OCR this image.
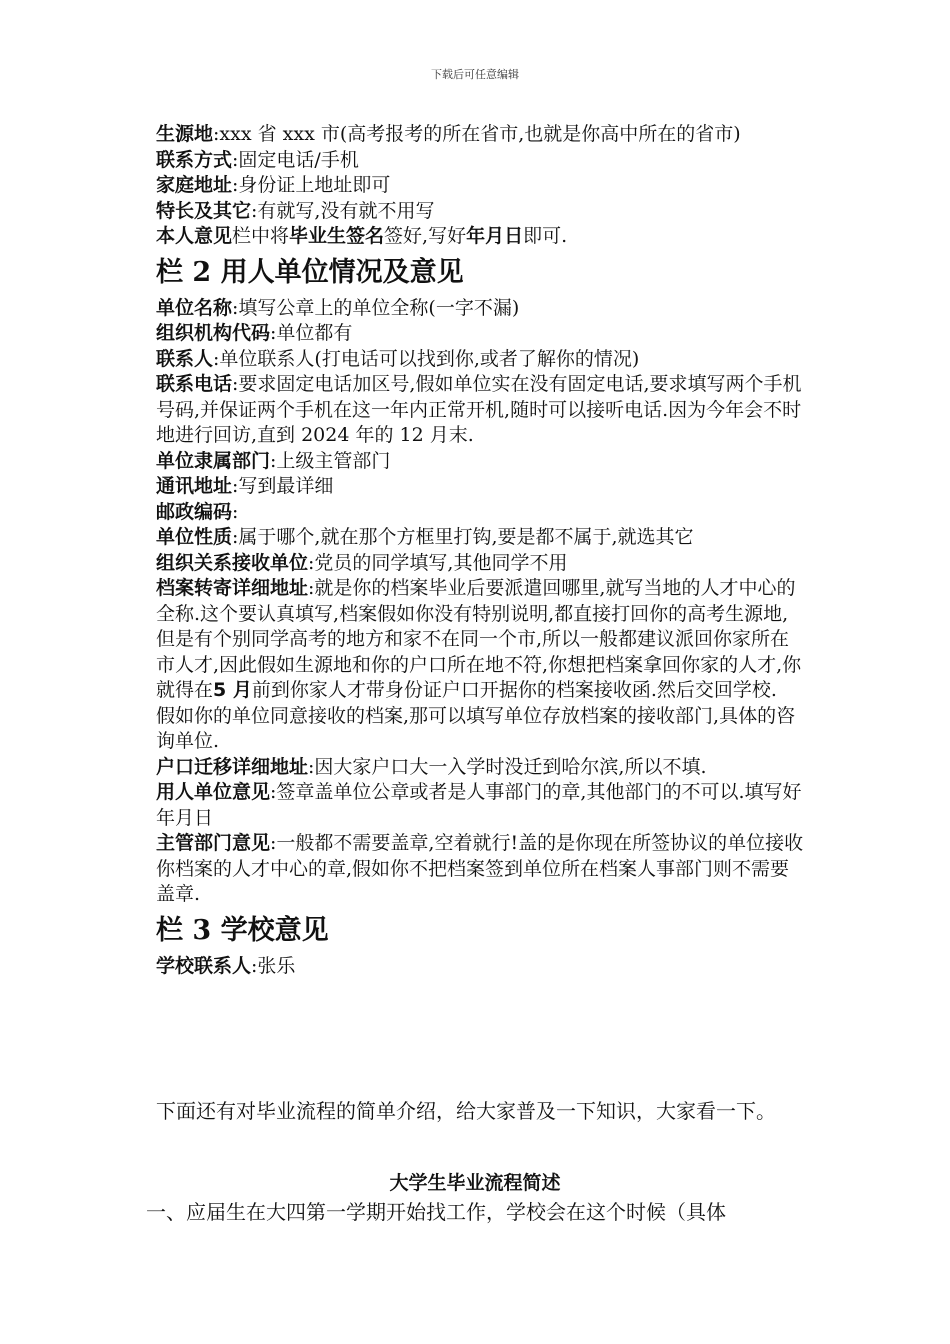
下载后可任意编辑

生源地:xxx 省 xxx 市(高考报考的所在省市,也就是你高中所在的省市)

联系方式:固定电话/手机

家庭地址:身份证上地址即可

特长及其它:有就写,没有就不用写

本人意见栏中将毕业生签名签好,写好年月日即可.

栏 2 用人单位情况及意见

单位名称:填写公章上的单位全称(一字不漏)

组织机构代码:单位都有

联系人:单位联系人(打电话可以找到你,或者了解你的情况)

联系电话:要求固定电话加区号,假如单位实在没有固定电话,要求填写两个手机号码,并保证两个手机在这一年内正常开机,随时可以接听电话.因为今年会不时地进行回访,直到 2024 年的 12 月末.

单位隶属部门:上级主管部门

通讯地址:写到最详细

邮政编码:

单位性质:属于哪个,就在那个方框里打钩,要是都不属于,就选其它

组织关系接收单位:党员的同学填写,其他同学不用

档案转寄详细地址:就是你的档案毕业后要派遣回哪里,就写当地的人才中心的全称.这个要认真填写,档案假如你没有特别说明,都直接打回你的高考生源地, 但是有个别同学高考的地方和家不在同一个市,所以一般都建议派回你家所在市人才,因此假如生源地和你的户口所在地不符,你想把档案拿回你家的人才,你就得在5 月前到你家人才带身份证户口开据你的档案接收函.然后交回学校.

假如你的单位同意接收的档案,那可以填写单位存放档案的接收部门,具体的咨询单位.

户口迁移详细地址:因大家户口大一入学时没迁到哈尔滨,所以不填.

用人单位意见:签章盖单位公章或者是人事部门的章,其他部门的不可以.填写好年月日

主管部门意见:一般都不需要盖章,空着就行!盖的是你现在所签协议的单位接收你档案的人才中心的章,假如你不把档案签到单位所在档案人事部门则不需要盖章.

栏 3 学校意见

学校联系人:张乐

下面还有对毕业流程的简单介绍，给大家普及一下知识，大家看一下。

大学生毕业流程简述
一、应届生在大四第一学期开始找工作，学校会在这个时候（具体
